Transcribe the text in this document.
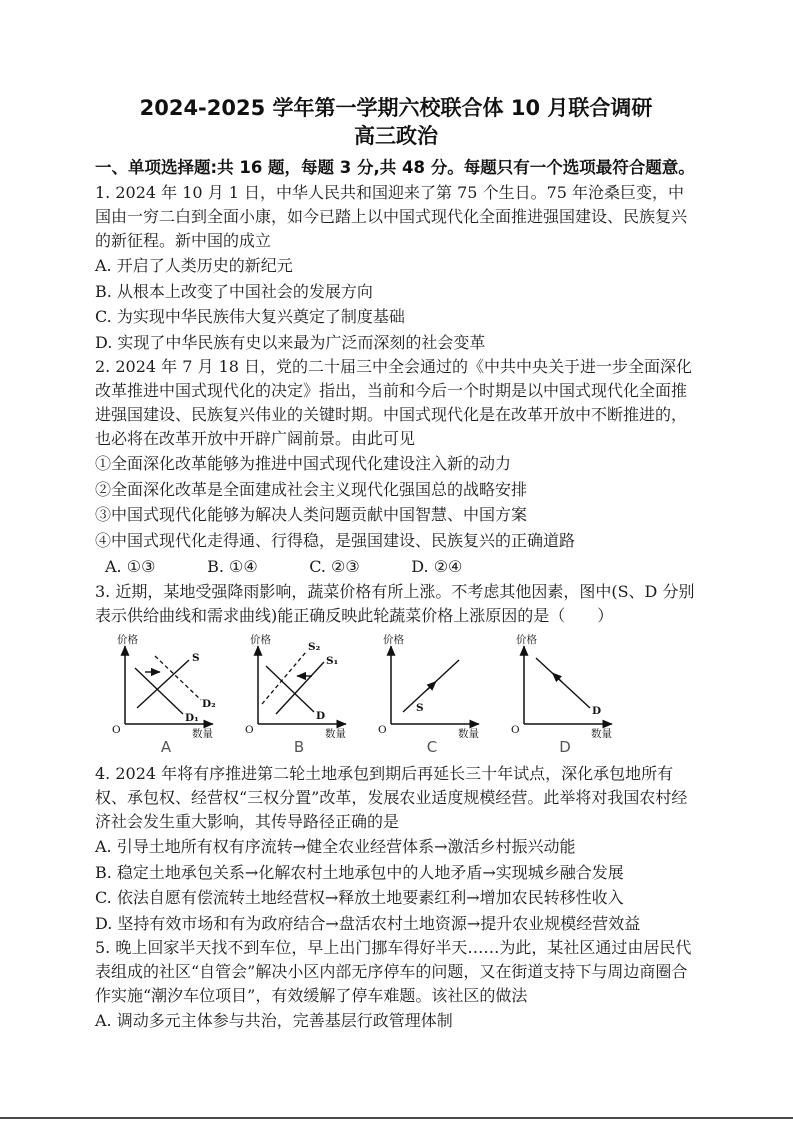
2024-2025 学年第一学期六校联合体 10 月联合调研
高三政治
一、单项选择题:共 16 题，每题 3 分,共 48 分。每题只有一个选项最符合题意。
1. 2024 年 10 月 1 日，中华人民共和国迎来了第 75 个生日。75 年沧桑巨变，中国由一穷二白到全面小康，如今已踏上以中国式现代化全面推进强国建设、民族复兴的新征程。新中国的成立
A. 开启了人类历史的新纪元
B. 从根本上改变了中国社会的发展方向
C. 为实现中华民族伟大复兴奠定了制度基础
D. 实现了中华民族有史以来最为广泛而深刻的社会变革
2. 2024 年 7 月 18 日，党的二十届三中全会通过的《中共中央关于进一步全面深化改革推进中国式现代化的决定》指出，当前和今后一个时期是以中国式现代化全面推进强国建设、民族复兴伟业的关键时期。中国式现代化是在改革开放中不断推进的，也必将在改革开放中开辟广阔前景。由此可见
①全面深化改革能够为推进中国式现代化建设注入新的动力
②全面深化改革是全面建成社会主义现代化强国总的战略安排
③中国式现代化能够为解决人类问题贡献中国智慧、中国方案
④中国式现代化走得通、行得稳，是强国建设、民族复兴的正确道路
A. ①③	B. ①④	C. ②③	D. ②④
3. 近期，某地受强降雨影响，蔬菜价格有所上涨。不考虑其他因素，图中(S、D 分别表示供给曲线和需求曲线)能正确反映此轮蔬菜价格上涨原因的是（　　）
价格
O	数量
S
D₁
D₂
A
价格
O	数量
D
S₁
S₂
B
价格
O	数量
S
C
价格
O	数量
D
D
4. 2024 年将有序推进第二轮土地承包到期后再延长三十年试点，深化承包地所有权、承包权、经营权“三权分置”改革，发展农业适度规模经营。此举将对我国农村经济社会发生重大影响，其传导路径正确的是
A. 引导土地所有权有序流转→健全农业经营体系→激活乡村振兴动能
B. 稳定土地承包关系→化解农村土地承包中的人地矛盾→实现城乡融合发展
C. 依法自愿有偿流转土地经营权→释放土地要素红利→增加农民转移性收入
D. 坚持有效市场和有为政府结合→盘活农村土地资源→提升农业规模经营效益
5. 晚上回家半天找不到车位，早上出门挪车得好半天……为此，某社区通过由居民代表组成的社区“自管会”解决小区内部无序停车的问题，又在街道支持下与周边商圈合作实施“潮汐车位项目”，有效缓解了停车难题。该社区的做法
A. 调动多元主体参与共治，完善基层行政管理体制
